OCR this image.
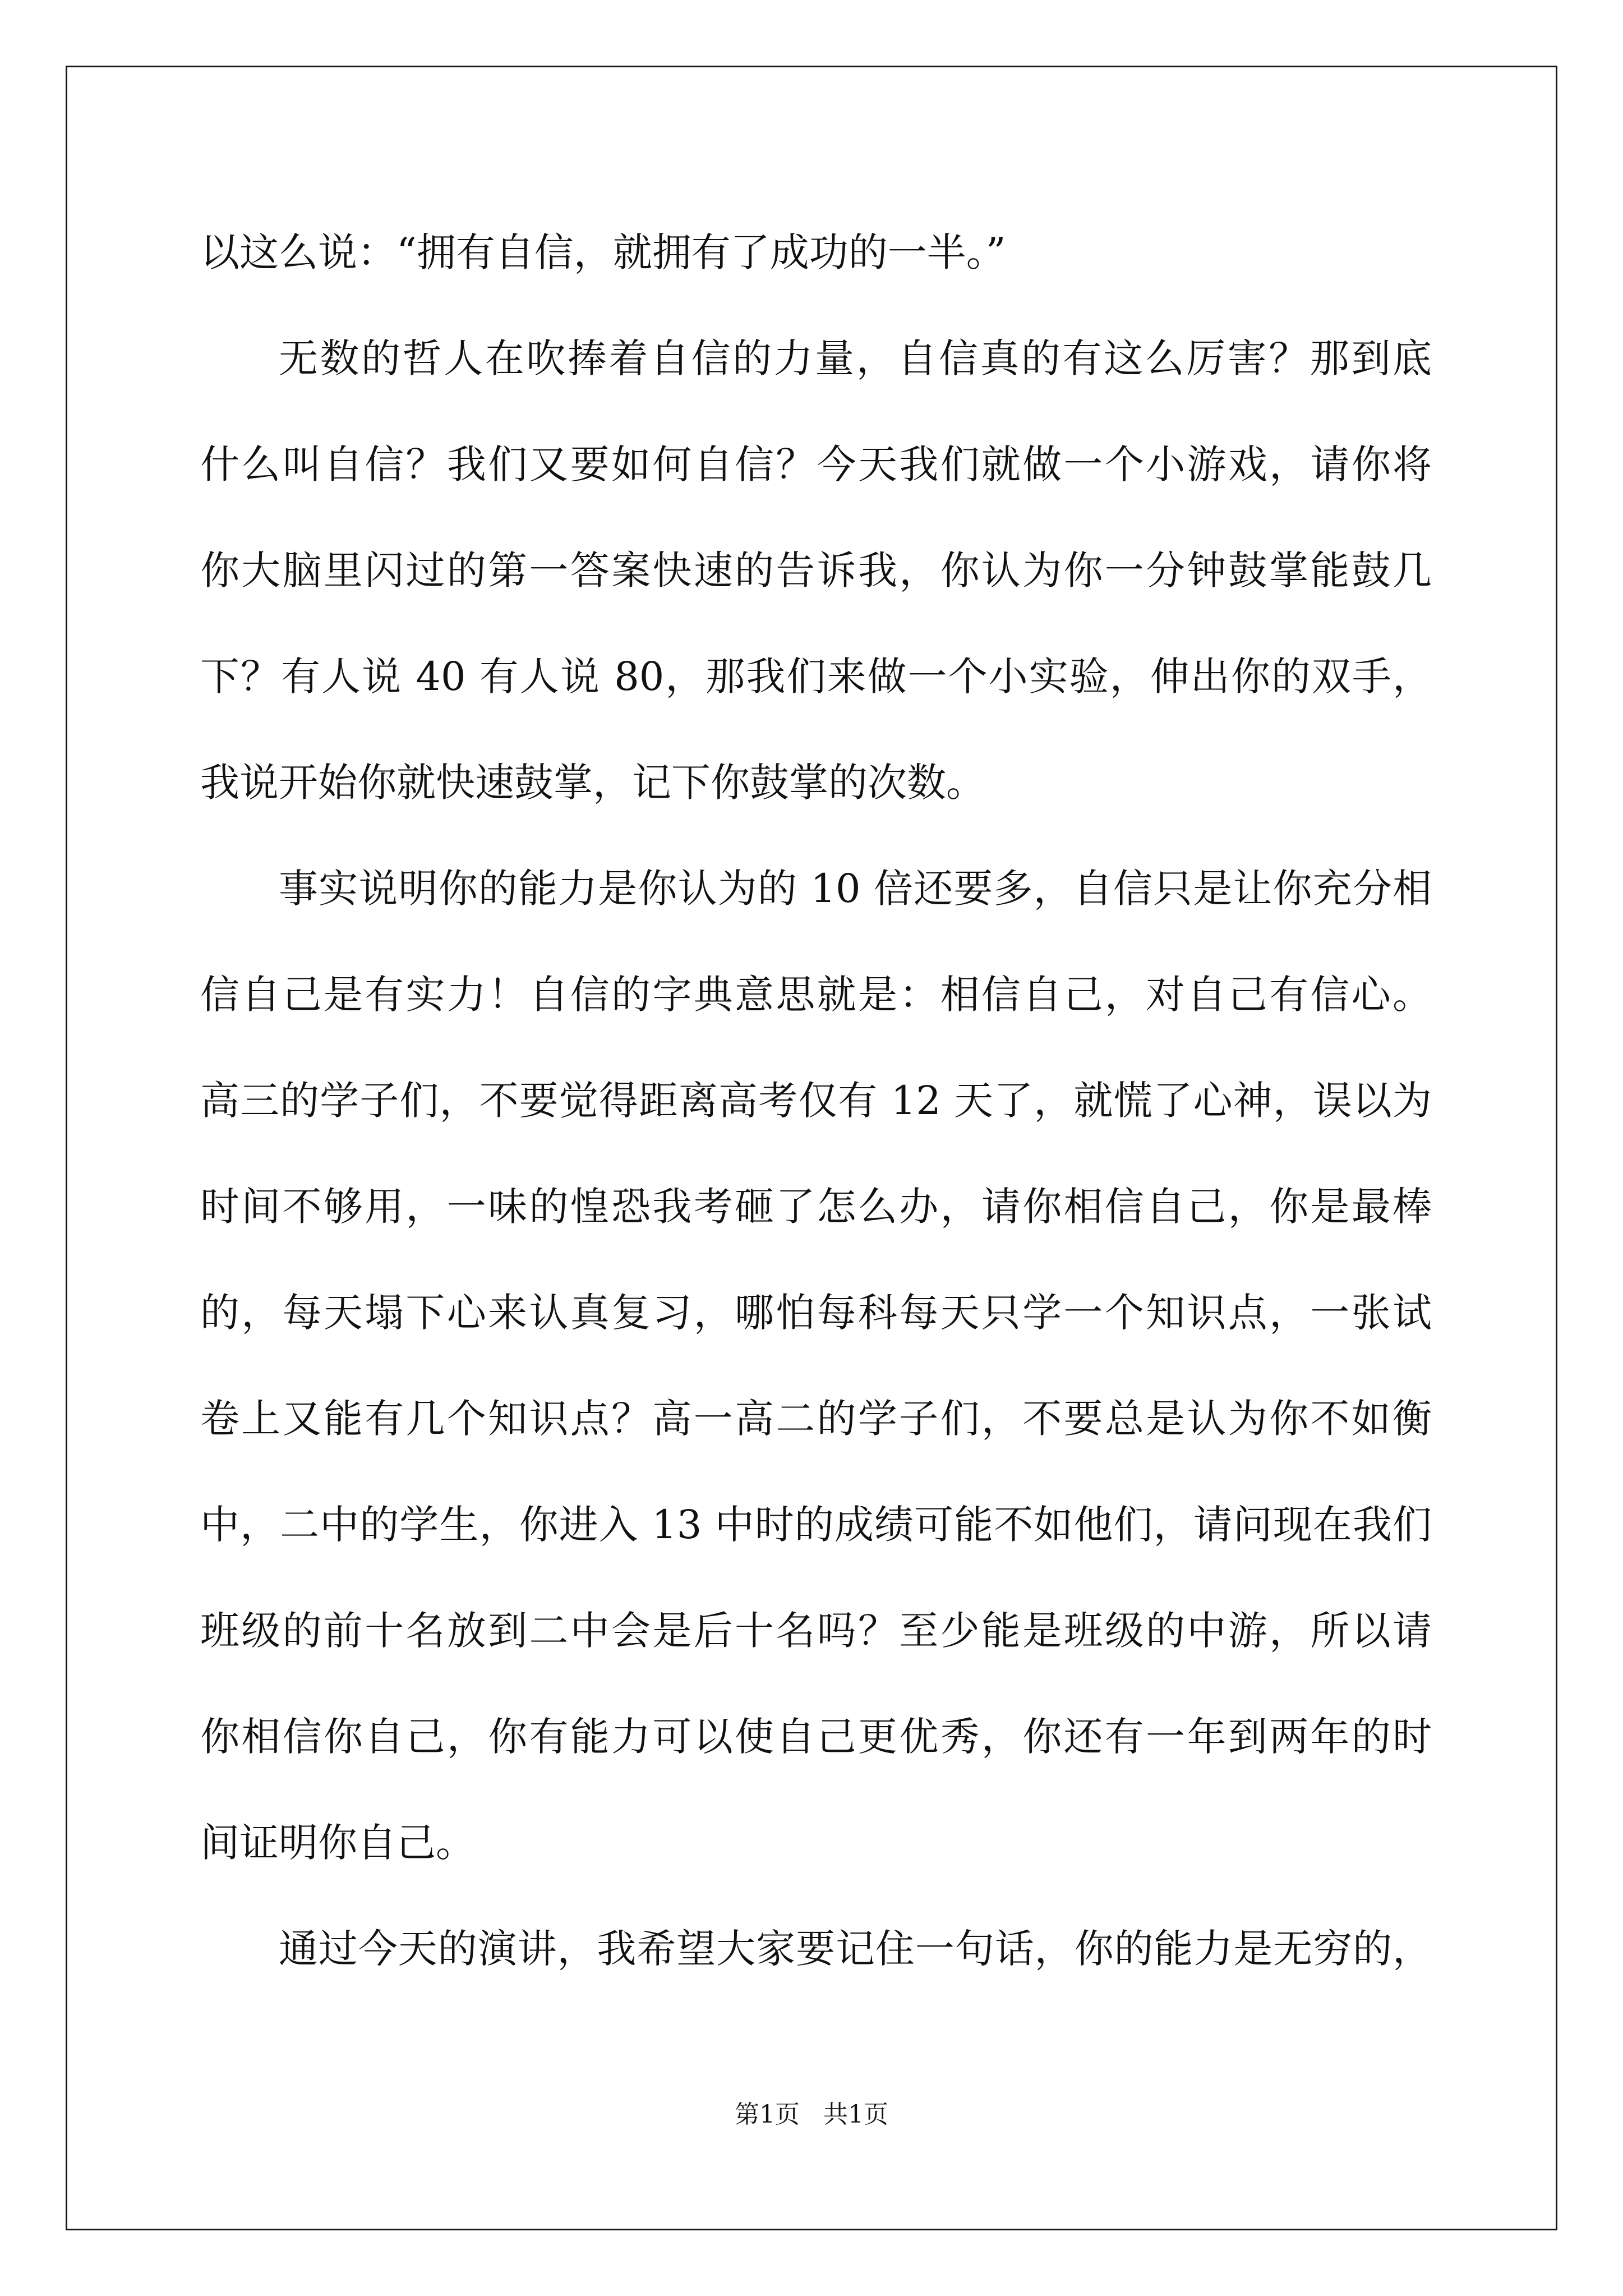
以这么说：“拥有自信，就拥有了成功的一半。”
无数的哲人在吹捧着自信的力量，自信真的有这么厉害？那到底
什么叫自信？我们又要如何自信？今天我们就做一个小游戏，请你将
你大脑里闪过的第一答案快速的告诉我，你认为你一分钟鼓掌能鼓几
下？有人说 40 有人说 80，那我们来做一个小实验，伸出你的双手，
我说开始你就快速鼓掌，记下你鼓掌的次数。
事实说明你的能力是你认为的 10 倍还要多，自信只是让你充分相
信自己是有实力！自信的字典意思就是：相信自己，对自己有信心。
高三的学子们，不要觉得距离高考仅有 12 天了，就慌了心神，误以为
时间不够用，一味的惶恐我考砸了怎么办，请你相信自己，你是最棒
的，每天塌下心来认真复习，哪怕每科每天只学一个知识点，一张试
卷上又能有几个知识点？高一高二的学子们，不要总是认为你不如衡
中，二中的学生，你进入 13 中时的成绩可能不如他们，请问现在我们
班级的前十名放到二中会是后十名吗？至少能是班级的中游，所以请
你相信你自己，你有能力可以使自己更优秀，你还有一年到两年的时
间证明你自己。
通过今天的演讲，我希望大家要记住一句话，你的能力是无穷的，
第1页   共1页
